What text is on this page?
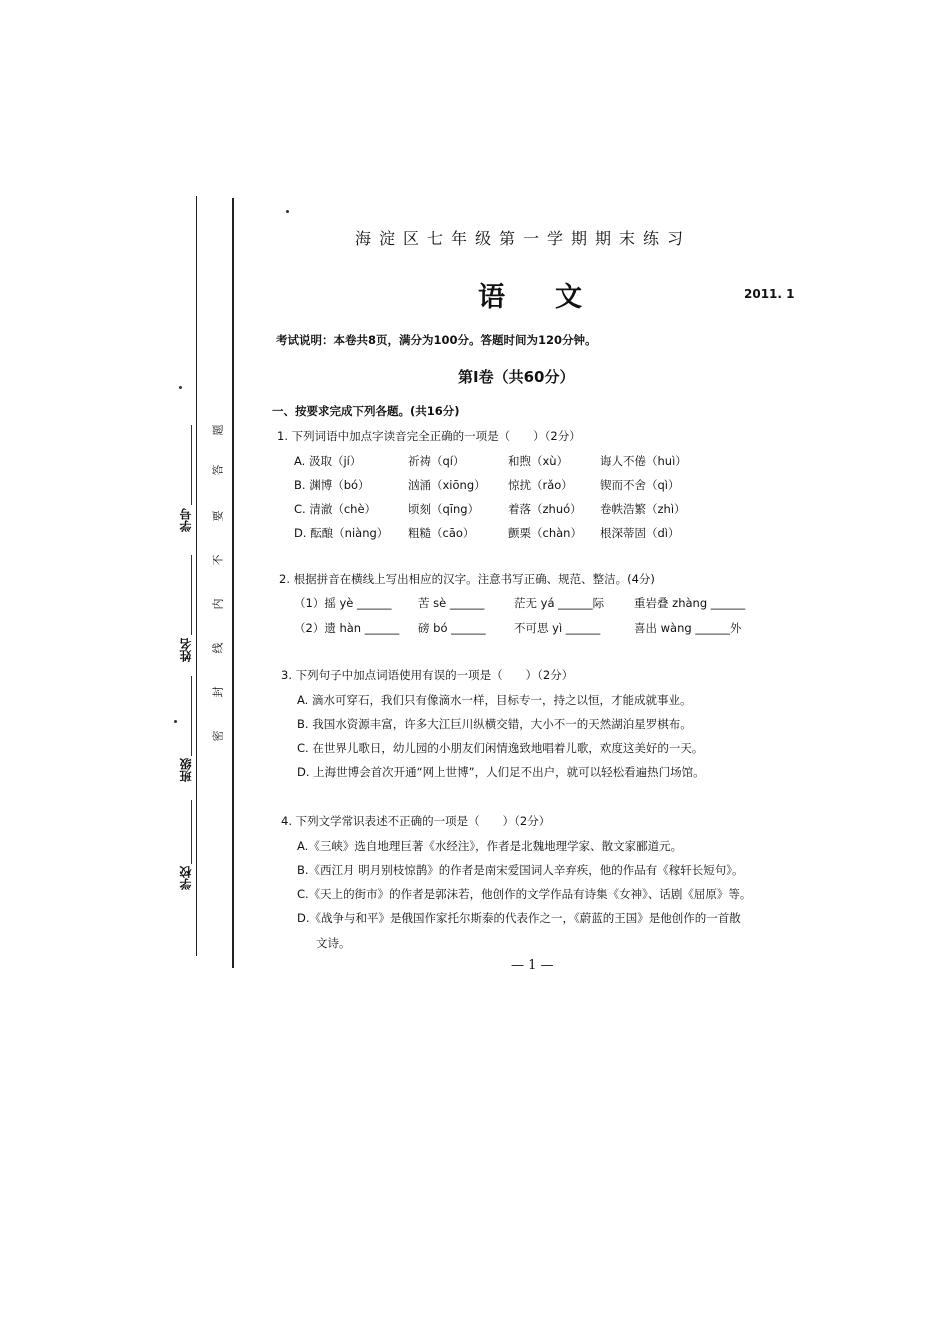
学号
姓名
班级
学校
题
答
要
不
内
线
封
密
海淀区七年级第一学期期末练习
语文	2011. 1
考试说明：本卷共8页，满分为100分。答题时间为120分钟。
第Ⅰ卷（共60分）
一、按要求完成下列各题。(共16分)
1. 下列词语中加点字读音完全正确的一项是（　　）（2分）
A. 汲取（jí）	祈祷（qí）	和煦（xù）	诲人不倦（huì）
B. 渊博（bó）	汹涌（xiōng） 惊扰（rǎo） 锲而不舍（qì）
C. 清澈（chè）	顷刻（qīng）	着落（zhuó） 卷帙浩繁（zhì）
D. 酝酿（niàng） 粗糙（cāo）	颤栗（chàn） 根深蒂固（dì）
2. 根据拼音在横线上写出相应的汉字。注意书写正确、规范、整洁。(4分)
（1）摇 yè ______ 苦 sè ______	茫无 yá ______际	重岩叠 zhàng ______
（2）遗 hàn ______ 磅 bó ______ 不可思 yì ______	喜出 wàng ______外
3. 下列句子中加点词语使用有误的一项是（　　）（2分）
A. 滴水可穿石，我们只有像滴水一样，目标专一，持之以恒，才能成就事业。
B. 我国水资源丰富，许多大江巨川纵横交错，大小不一的天然湖泊星罗棋布。
C. 在世界儿歌日，幼儿园的小朋友们闲情逸致地唱着儿歌，欢度这美好的一天。
D. 上海世博会首次开通“网上世博”，人们足不出户，就可以轻松看遍热门场馆。
4. 下列文学常识表述不正确的一项是（　　）（2分）
A.《三峡》选自地理巨著《水经注》，作者是北魏地理学家、散文家郦道元。
B.《西江月 明月别枝惊鹊》的作者是南宋爱国词人辛弃疾，他的作品有《稼轩长短句》。
C.《天上的街市》的作者是郭沫若，他创作的文学作品有诗集《女神》、话剧《屈原》等。
D.《战争与和平》是俄国作家托尔斯泰的代表作之一，《蔚蓝的王国》是他创作的一首散
文诗。
— 1 —
